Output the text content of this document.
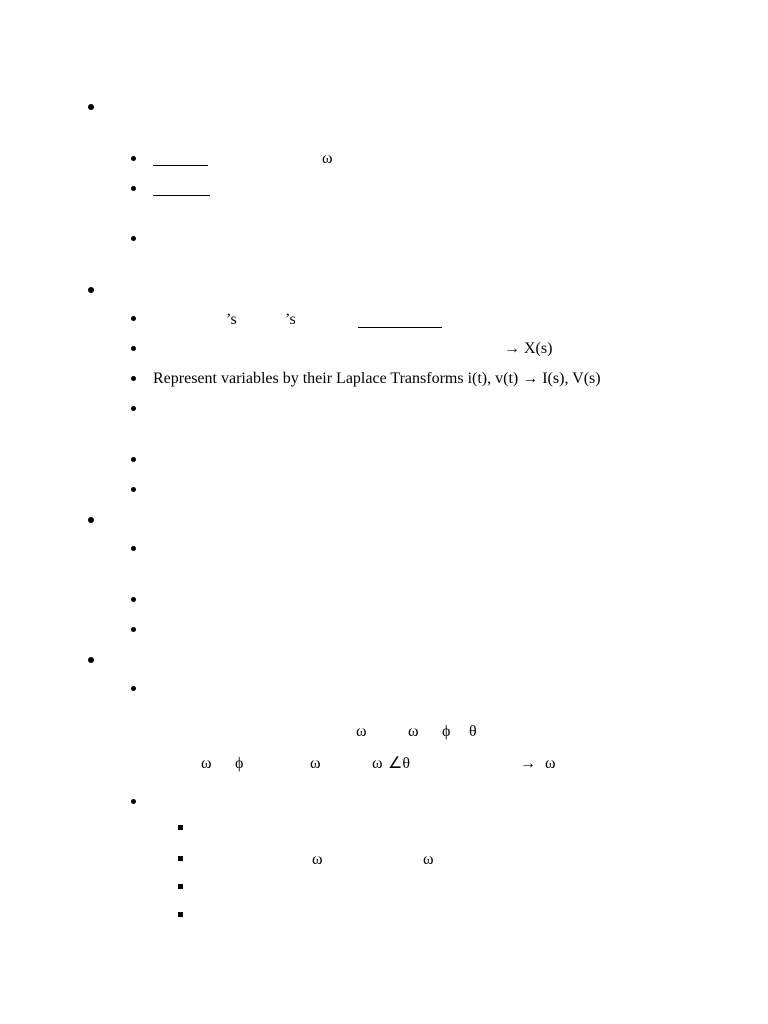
ω
’s	’s
→ X(s)
Represent variables by their Laplace Transforms i(t), v(t) → I(s), V(s)
ω	ω ϕ θ
ω ϕ	ω	ω ∠θ	→ ω
ω	ω
